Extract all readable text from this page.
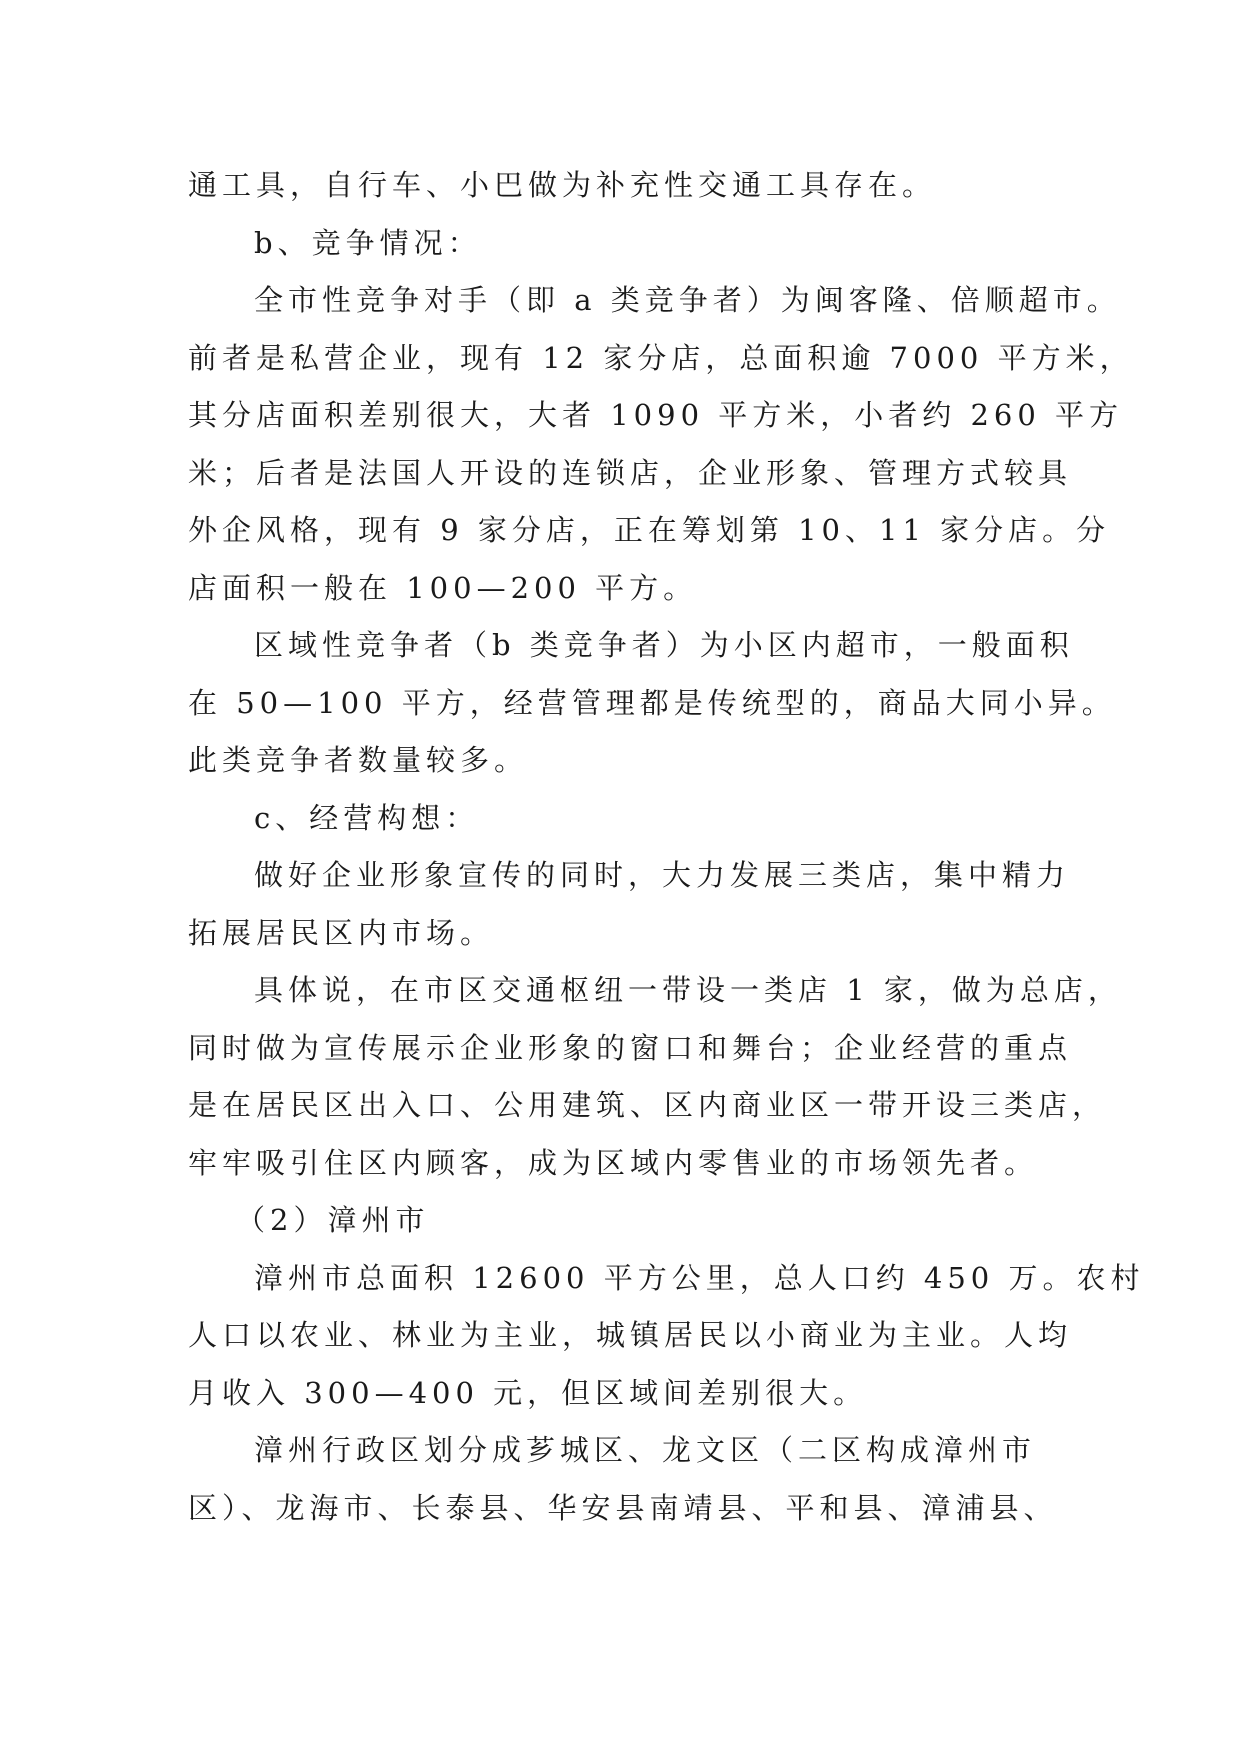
通工具，自行车、小巴做为补充性交通工具存在。
b、竞争情况：
全市性竞争对手（即 a 类竞争者）为闽客隆、倍顺超市。
前者是私营企业，现有 12 家分店，总面积逾 7000 平方米，
其分店面积差别很大，大者 1090 平方米，小者约 260 平方
米；后者是法国人开设的连锁店，企业形象、管理方式较具
外企风格，现有 9 家分店，正在筹划第 10、11 家分店。分
店面积一般在 100—200 平方。
区域性竞争者（b 类竞争者）为小区内超市，一般面积
在 50—100 平方，经营管理都是传统型的，商品大同小异。
此类竞争者数量较多。
c、经营构想：
做好企业形象宣传的同时，大力发展三类店，集中精力
拓展居民区内市场。
具体说，在市区交通枢纽一带设一类店 1 家，做为总店，
同时做为宣传展示企业形象的窗口和舞台；企业经营的重点
是在居民区出入口、公用建筑、区内商业区一带开设三类店，
牢牢吸引住区内顾客，成为区域内零售业的市场领先者。
（2）漳州市
漳州市总面积 12600 平方公里，总人口约 450 万。农村
人口以农业、林业为主业，城镇居民以小商业为主业。人均
月收入 300—400 元，但区域间差别很大。
漳州行政区划分成芗城区、龙文区（二区构成漳州市
区）、龙海市、长泰县、华安县南靖县、平和县、漳浦县、
